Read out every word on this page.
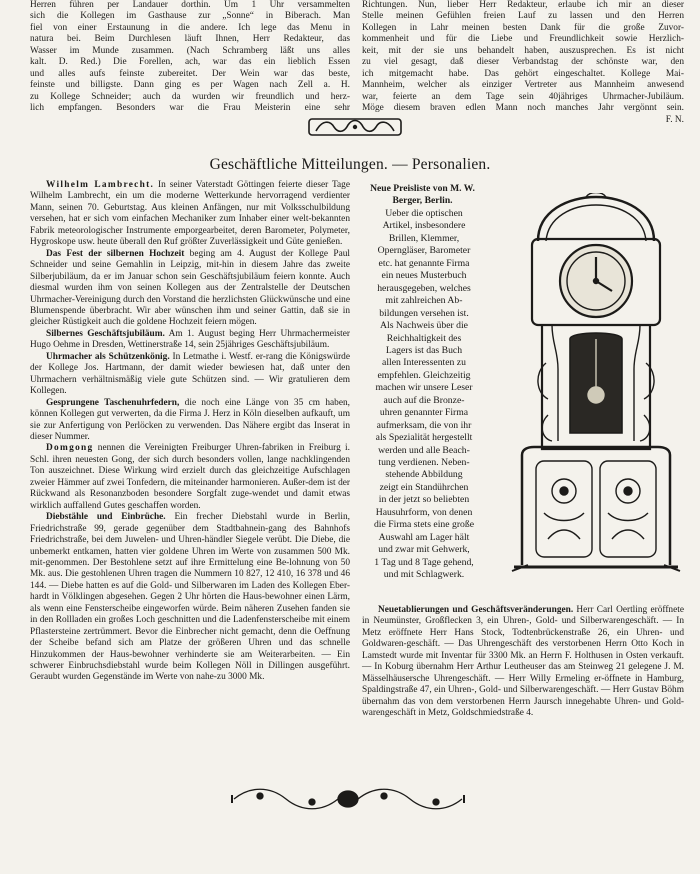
Herren führen per Landauer dorthin. Um 1 Uhr versammelten

sich die Kollegen im Gasthause zur „Sonne“ in Biberach. Man

fiel von einer Erstaunung in die andere. Ich lege das Menu in

natura bei. Beim Durchlesen läuft Ihnen, Herr Redakteur, das

Wasser im Munde zusammen. (Nach Schramberg läßt uns alles

kalt. D. Red.) Die Forellen, ach, war das ein lieblich Essen

und alles aufs feinste zubereitet. Der Wein war das beste,

feinste und billigste. Dann ging es per Wagen nach Zell a. H.

zu Kollege Schneider; auch da wurden wir freundlich und herz-

lich empfangen. Besonders war die Frau Meisterin eine sehr

Richtungen. Nun, lieber Herr Redakteur, erlaube ich mir an dieser

Stelle meinen Gefühlen freien Lauf zu lassen und den Herren

Kollegen in Lahr meinen besten Dank für die große Zuvor-

kommenheit und für die Liebe und Freundlichkeit sowie Herzlich-

keit, mit der sie uns behandelt haben, auszusprechen. Es ist nicht

zu viel gesagt, daß dieser Verbandstag der schönste war, den

ich mitgemacht habe. Das gehört eingeschaltet. Kollege Mai-

Mannheim, welcher als einziger Vertreter aus Mannheim anwesend

war, feierte an dem Tage sein 40jähriges Uhrmacher-Jubiläum.

Möge diesem braven edlen Mann noch manches Jahr vergönnt sein.

F. N.

Geschäftliche Mitteilungen. — Personalien.

Wilhelm Lambrecht. In seiner Vaterstadt Göttingen feierte dieser Tage Wilhelm Lambrecht, ein um die moderne Wetterkunde hervorragend verdienter Mann, seinen 70. Geburtstag. Aus kleinen Anfängen, nur mit Volksschulbildung versehen, hat er sich vom einfachen Mechaniker zum Inhaber einer welt-bekannten Fabrik meteorologischer Instrumente emporgearbeitet, deren Barometer, Polymeter, Hygroskope usw. heute überall den Ruf größter Zuverlässigkeit und Güte genießen.

Das Fest der silbernen Hochzeit beging am 4. August der Kollege Paul Schneider und seine Gemahlin in Leipzig, mit-hin in diesem Jahre das zweite Silberjubiläum, da er im Januar schon sein Geschäftsjubiläum feiern konnte. Auch diesmal wurden ihm von seinen Kollegen aus der Zentralstelle der Deutschen Uhrmacher-Vereinigung durch den Vorstand die herzlichsten Glückwünsche und eine Blumenspende überbracht. Wir aber wünschen ihm und seiner Gattin, daß sie in gleicher Rüstigkeit auch die goldene Hochzeit feiern mögen.

Silbernes Geschäftsjubiläum. Am 1. August beging Herr Uhrmachermeister Hugo Oehme in Dresden, Wettinerstraße 14, sein 25jähriges Geschäftsjubiläum.

Uhrmacher als Schützenkönig. In Letmathe i. Westf. er-rang die Königswürde der Kollege Jos. Hartmann, der damit wieder bewiesen hat, daß unter den Uhrmachern verhältnismäßig viele gute Schützen sind. — Wir gratulieren dem Kollegen.

Gesprungene Taschenuhrfedern, die noch eine Länge von 35 cm haben, können Kollegen gut verwerten, da die Firma J. Herz in Köln dieselben aufkauft, um sie zur Anfertigung von Perlöcken zu verwenden. Das Nähere ergibt das Inserat in dieser Nummer.

Domgong nennen die Vereinigten Freiburger Uhren-fabriken in Freiburg i. Schl. ihren neuesten Gong, der sich durch besonders vollen, lange nachklingenden Ton auszeichnet. Diese Wirkung wird erzielt durch das gleichzeitige Aufschlagen zweier Hämmer auf zwei Tonfedern, die miteinander harmonieren. Außer-dem ist der Rückwand als Resonanzboden besondere Sorgfalt zuge-wendet und damit etwas wirklich auffallend Gutes geschaffen worden.

Diebstähle und Einbrüche. Ein frecher Diebstahl wurde in Berlin, Friedrichstraße 99, gerade gegenüber dem Stadtbahnein-gang des Bahnhofs Friedrichstraße, bei dem Juwelen- und Uhren-händler Siegele verübt. Die Diebe, die unbemerkt entkamen, hatten vier goldene Uhren im Werte von zusammen 500 Mk. mit-genommen. Der Bestohlene setzt auf ihre Ermittelung eine Be-lohnung von 50 Mk. aus. Die gestohlenen Uhren tragen die Nummern 10 827, 12 410, 16 378 und 46 144. — Diebe hatten es auf die Gold- und Silberwaren im Laden des Kollegen Eber-hardt in Völklingen abgesehen. Gegen 2 Uhr hörten die Haus-bewohner einen Lärm, als wenn eine Fensterscheibe eingeworfen würde. Beim näheren Zusehen fanden sie in den Rollladen ein großes Loch geschnitten und die Ladenfensterscheibe mit einem Pflastersteine zertrümmert. Bevor die Einbrecher nicht gemacht, denn die Oeffnung der Scheibe befand sich am Platze der größeren Uhren und das schnelle Hinzukommen der Haus-bewohner verhinderte sie am Weiterarbeiten. — Ein schwerer Einbruchsdiebstahl wurde beim Kollegen Nöll in Dillingen ausgeführt. Geraubt wurden Gegenstände im Werte von nahe-zu 3000 Mk.

Neue Preisliste von M. W. Berger, Berlin.
Ueber die optischen
Artikel, insbesondere
Brillen, Klemmer,
Operngläser, Barometer
etc. hat genannte Firma
ein neues Musterbuch
herausgegeben, welches
mit zahlreichen Ab-
bildungen versehen ist.
Als Nachweis über die
Reichhaltigkeit des
Lagers ist das Buch
allen Interessenten zu
empfehlen. Gleichzeitig
machen wir unsere Leser
auch auf die Bronze-
uhren genannter Firma
aufmerksam, die von ihr
als Spezialität hergestellt
werden und alle Beach-
tung verdienen. Neben-
stehende Abbildung
zeigt ein Standührchen
in der jetzt so beliebten
Hausuhrform, von denen
die Firma stets eine große
Auswahl am Lager hält
und zwar mit Gehwerk,
1 Tag und 8 Tage gehend,
und mit Schlagwerk.

Neuetablierungen und Geschäftsveränderungen. Herr Carl Oertling eröffnete in Neumünster, Großflecken 3, ein Uhren-, Gold- und Silberwarengeschäft. — In Metz eröffnete Herr Hans Stock, Todtenbrückenstraße 26, ein Uhren- und Goldwaren-geschäft. — Das Uhrengeschäft des verstorbenen Herrn Otto Koch in Lamstedt wurde mit Inventar für 3300 Mk. an Herrn F. Holthusen in Osten verkauft. — In Koburg übernahm Herr Arthur Leutheuser das am Steinweg 21 gelegene J. M. Mässelhäusersche Uhrengeschäft. — Herr Willy Ermeling er-öffnete in Hamburg, Spaldingstraße 47, ein Uhren-, Gold- und Silberwarengeschäft. — Herr Gustav Böhm übernahm das von dem verstorbenen Herrn Jaursch innegehabte Uhren- und Gold-warengeschäft in Metz, Goldschmiedstraße 4.
